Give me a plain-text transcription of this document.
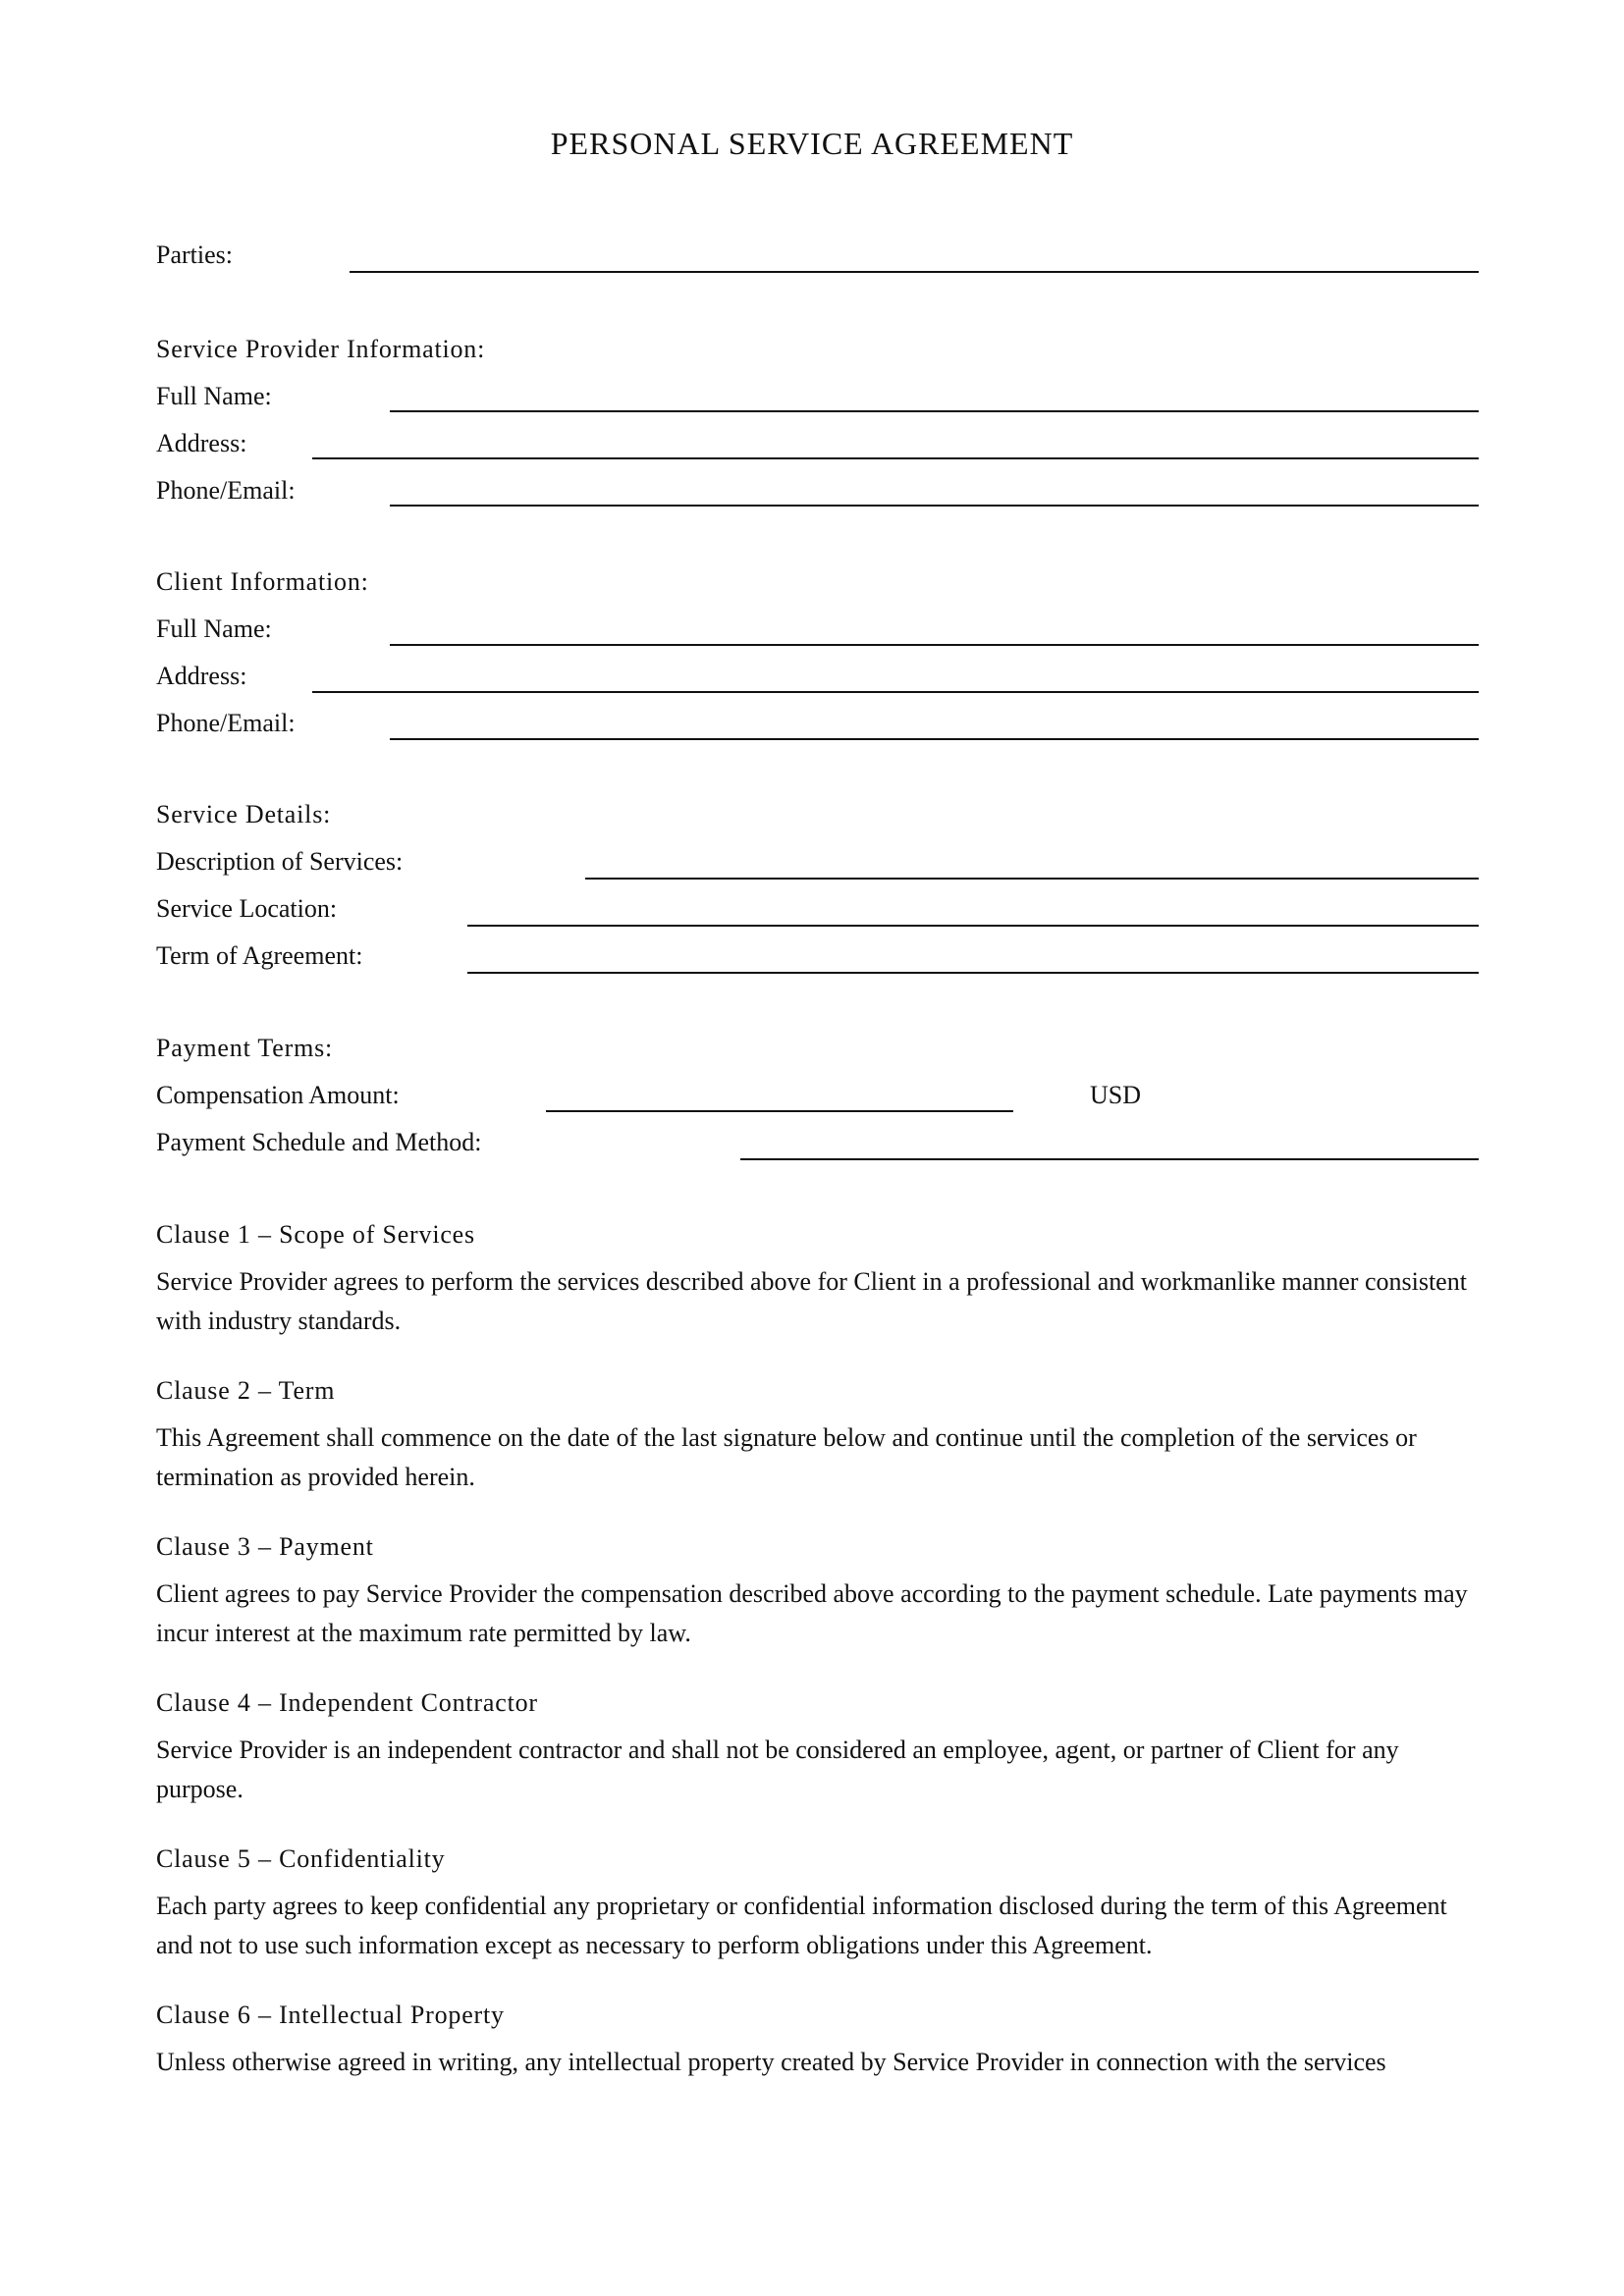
PERSONAL SERVICE AGREEMENT
Parties:
Service Provider Information:
Full Name:
Address:
Phone/Email:
Client Information:
Full Name:
Address:
Phone/Email:
Service Details:
Description of Services:
Service Location:
Term of Agreement:
Payment Terms:
Compensation Amount:	USD
Payment Schedule and Method:
Clause 1 – Scope of Services

Service Provider agrees to perform the services described above for Client in a professional and workmanlike manner consistent with industry standards.

Clause 2 – Term

This Agreement shall commence on the date of the last signature below and continue until the completion of the services or termination as provided herein.

Clause 3 – Payment

Client agrees to pay Service Provider the compensation described above according to the payment schedule. Late payments may incur interest at the maximum rate permitted by law.

Clause 4 – Independent Contractor

Service Provider is an independent contractor and shall not be considered an employee, agent, or partner of Client for any purpose.

Clause 5 – Confidentiality

Each party agrees to keep confidential any proprietary or confidential information disclosed during the term of this Agreement and not to use such information except as necessary to perform obligations under this Agreement.

Clause 6 – Intellectual Property

Unless otherwise agreed in writing, any intellectual property created by Service Provider in connection with the services
